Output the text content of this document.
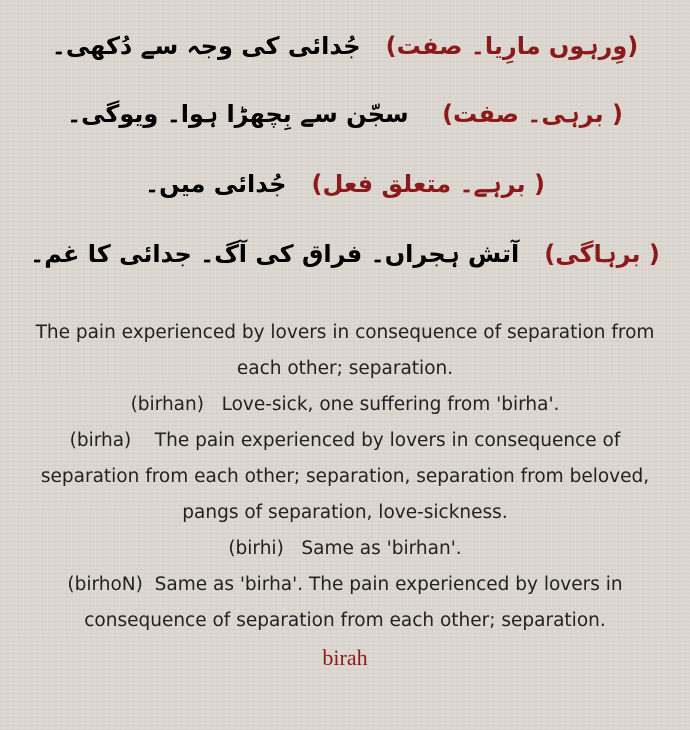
(وِرہوں مارِیا۔ صفت)   جُدائی کی وجہ سے دُکھی۔
( برہی۔ صفت)    سجّن سے بِچھڑا ہوا۔ ویوگی۔
( برہے۔ متعلق فعل)   جُدائی میں۔
( برہاگی)   آتش ہجراں۔ فراق کی آگ۔ جدائی کا غم۔
The pain experienced by lovers in consequence of separation from
each other; separation.
(birhan)   Love-sick, one suffering from 'birha'.
(birha)    The pain experienced by lovers in consequence of
separation from each other; separation, separation from beloved,
pangs of separation, love-sickness.
(birhi)   Same as 'birhan'.
(birhoN)  Same as 'birha'. The pain experienced by lovers in
consequence of separation from each other; separation.
birah
